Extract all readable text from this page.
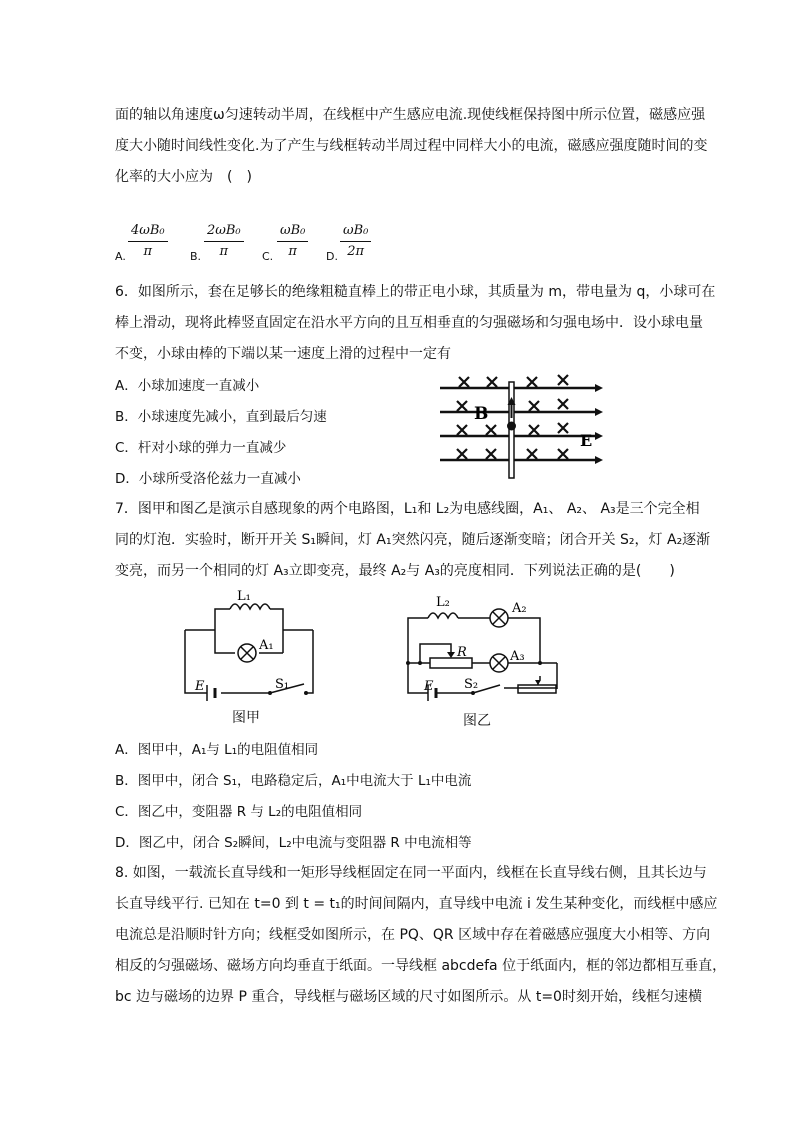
面的轴以角速度ω匀速转动半周，在线框中产生感应电流.现使线框保持图中所示位置，磁感应强
度大小随时间线性变化.为了产生与线框转动半周过程中同样大小的电流，磁感应强度随时间的变
化率的大小应为　(　)
A. $\frac{\text{4ωB₀}}{\pi} B$. $\frac{\text{2ωB₀}}{\pi} C$. $\frac{\text{ωB₀}}{\pi} D$. $\frac{\text{ωB₀}}{2\pi}$
6．如图所示，套在足够长的绝缘粗糙直棒上的带正电小球，其质量为 m，带电量为 q，小球可在
棒上滑动，现将此棒竖直固定在沿水平方向的且互相垂直的匀强磁场和匀强电场中．设小球电量
不变，小球由棒的下端以某一速度上滑的过程中一定有
A．小球加速度一直减小
B．小球速度先减小，直到最后匀速
C．杆对小球的弹力一直减少
D．小球所受洛伦兹力一直减小
B
E
7．图甲和图乙是演示自感现象的两个电路图，L₁和 L₂为电感线圈，A₁、 A₂、 A₃是三个完全相
同的灯泡．实验时，断开开关 S₁瞬间，灯 A₁突然闪亮，随后逐渐变暗；闭合开关 S₂，灯 A₂逐渐
变亮，而另一个相同的灯 A₃立即变亮，最终 A₂与 A₃的亮度相同．下列说法正确的是(　　)
L₁
A₁
E	S₁
图甲
L₂	A₂
R	A₃
E S₂
图乙
A．图甲中，A₁与 L₁的电阻值相同
B．图甲中，闭合 S₁，电路稳定后，A₁中电流大于 L₁中电流
C．图乙中，变阻器 R 与 L₂的电阻值相同
D．图乙中，闭合 S₂瞬间，L₂中电流与变阻器 R 中电流相等
8. 如图，一载流长直导线和一矩形导线框固定在同一平面内，线框在长直导线右侧，且其长边与
长直导线平行. 已知在 t=0 到 t = t₁的时间间隔内，直导线中电流 i 发生某种变化，而线框中感应
电流总是沿顺时针方向；线框受如图所示，在 PQ、QR 区域中存在着磁感应强度大小相等、方向
相反的匀强磁场、磁场方向均垂直于纸面。一导线框 abcdefa 位于纸面内，框的邻边都相互垂直，
bc 边与磁场的边界 P 重合，导线框与磁场区域的尺寸如图所示。从 t=0时刻开始，线框匀速横
